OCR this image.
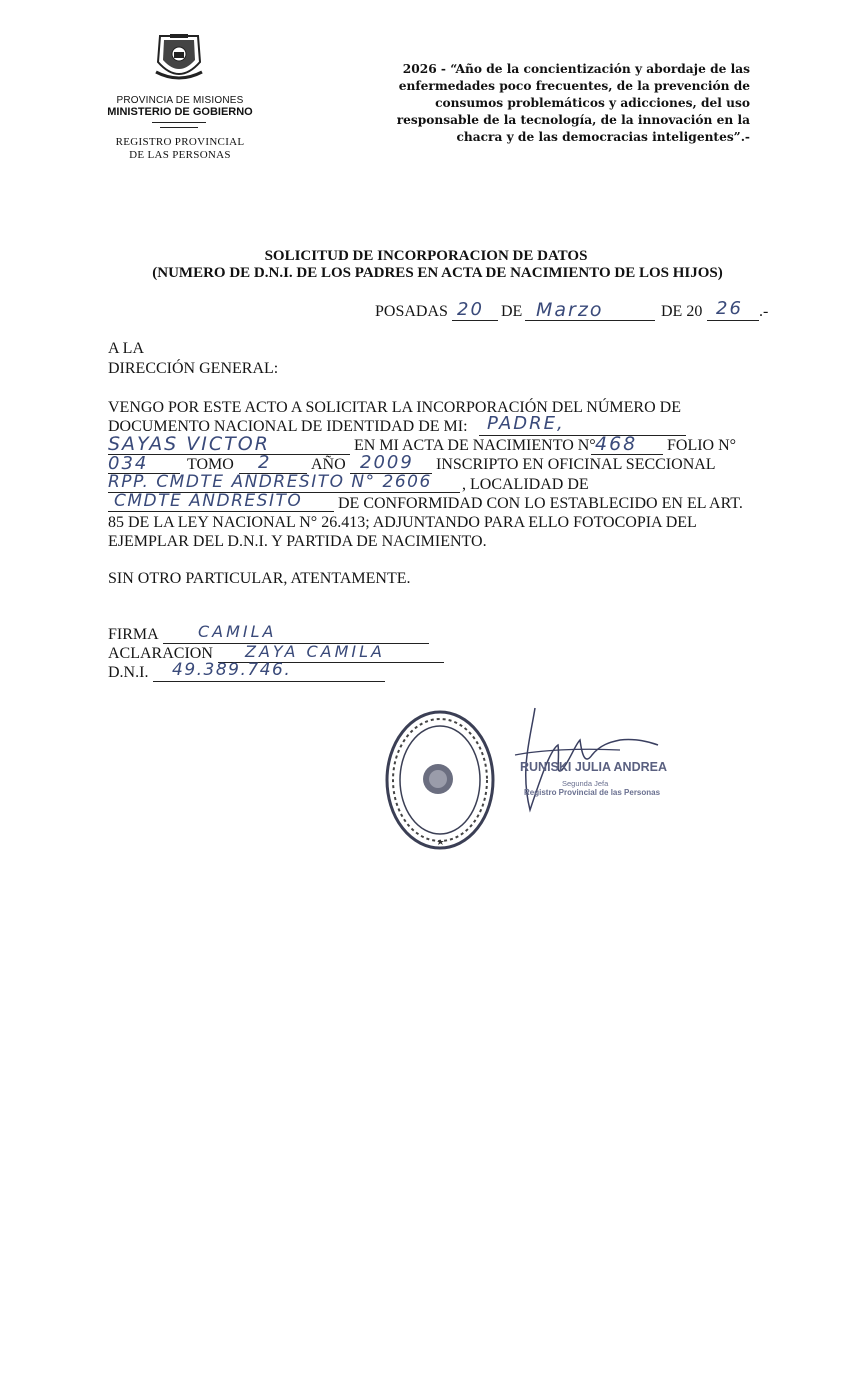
PROVINCIA DE MISIONES
MINISTERIO DE GOBIERNO
REGISTRO PROVINCIAL
DE LAS PERSONAS
2026 - “Año de la concientización y abordaje de las
enfermedades poco frecuentes, de la prevención de
consumos problemáticos y adicciones, del uso
responsable de la tecnología, de la innovación en la
chacra y de las democracias inteligentes”.-
SOLICITUD DE INCORPORACION DE DATOS
(NUMERO DE D.N.I. DE LOS PADRES EN ACTA DE NACIMIENTO DE LOS HIJOS)
POSADAS 20 DE Marzo	DE 20 26 .-
A LA
DIRECCIÓN GENERAL:
VENGO POR ESTE ACTO A SOLICITAR LA INCORPORACIÓN DEL NÚMERO DE
DOCUMENTO NACIONAL DE IDENTIDAD DE MI: PADRE,
SAYAS VICTOR	EN MI ACTA DE NACIMIENTO N° 468 FOLIO N°
034 TOMO 2 AÑO 2009 INSCRIPTO EN OFICINAL SECCIONAL
RPP. CMDTE ANDRESITO N° 2606 , LOCALIDAD DE
CMDTE ANDRESITO DE CONFORMIDAD CON LO ESTABLECIDO EN EL ART.
85 DE LA LEY NACIONAL N° 26.413; ADJUNTANDO PARA ELLO FOTOCOPIA DEL
EJEMPLAR DEL D.N.I. Y PARTIDA DE NACIMIENTO.
SIN OTRO PARTICULAR, ATENTAMENTE.
FIRMA CAMILA
ACLARACION ZAYA CAMILA
D.N.I. 49.389.746.
RUNISKI JULIA ANDREA
Segunda Jefa
Registro Provincial de las Personas
